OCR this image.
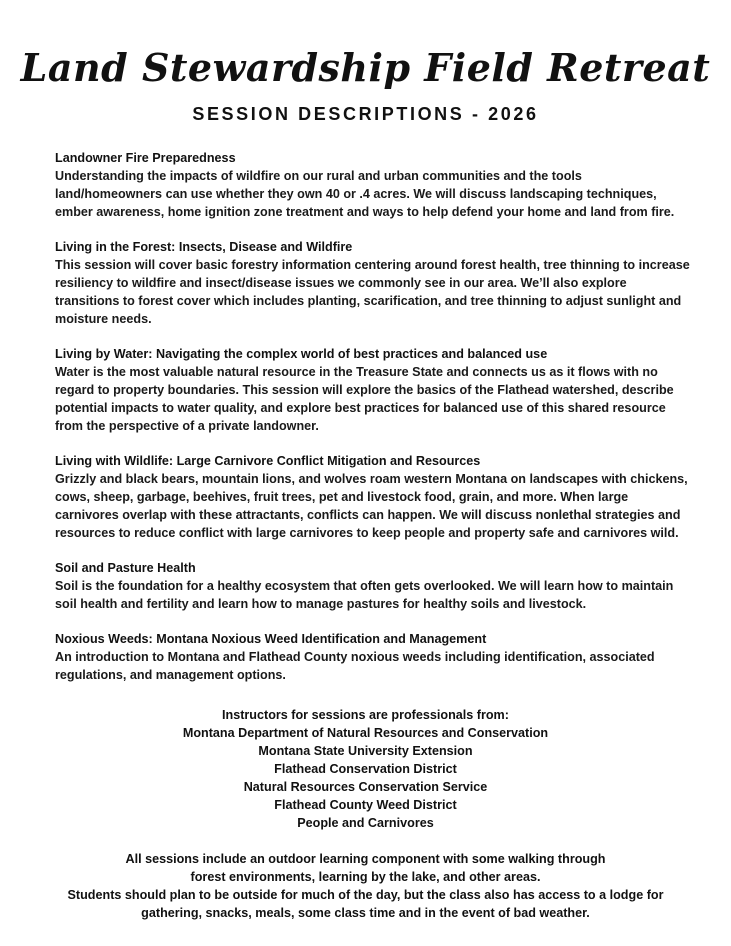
Land Stewardship Field Retreat
SESSION DESCRIPTIONS - 2026
Landowner Fire Preparedness
Understanding the impacts of wildfire on our rural and urban communities and the tools
land/homeowners can use whether they own 40 or .4 acres. We will discuss landscaping techniques,
ember awareness, home ignition zone treatment and ways to help defend your home and land from fire.
Living in the Forest: Insects, Disease and Wildfire
This session will cover basic forestry information centering around forest health, tree thinning to increase
resiliency to wildfire and insect/disease issues we commonly see in our area. We’ll also explore
transitions to forest cover which includes planting, scarification, and tree thinning to adjust sunlight and
moisture needs.
Living by Water: Navigating the complex world of best practices and balanced use
Water is the most valuable natural resource in the Treasure State and connects us as it flows with no
regard to property boundaries. This session will explore the basics of the Flathead watershed, describe
potential impacts to water quality, and explore best practices for balanced use of this shared resource
from the perspective of a private landowner.
Living with Wildlife: Large Carnivore Conflict Mitigation and Resources
Grizzly and black bears, mountain lions, and wolves roam western Montana on landscapes with chickens,
cows, sheep, garbage, beehives, fruit trees, pet and livestock food, grain, and more. When large
carnivores overlap with these attractants, conflicts can happen. We will discuss nonlethal strategies and
resources to reduce conflict with large carnivores to keep people and property safe and carnivores wild.
Soil and Pasture Health
Soil is the foundation for a healthy ecosystem that often gets overlooked. We will learn how to maintain
soil health and fertility and learn how to manage pastures for healthy soils and livestock.
Noxious Weeds: Montana Noxious Weed Identification and Management
An introduction to Montana and Flathead County noxious weeds including identification, associated
regulations, and management options.
Instructors for sessions are professionals from:
Montana Department of Natural Resources and Conservation
Montana State University Extension
Flathead Conservation District
Natural Resources Conservation Service
Flathead County Weed District
People and Carnivores
All sessions include an outdoor learning component with some walking through
forest environments, learning by the lake, and other areas.
Students should plan to be outside for much of the day, but the class also has access to a lodge for
gathering, snacks, meals, some class time and in the event of bad weather.
